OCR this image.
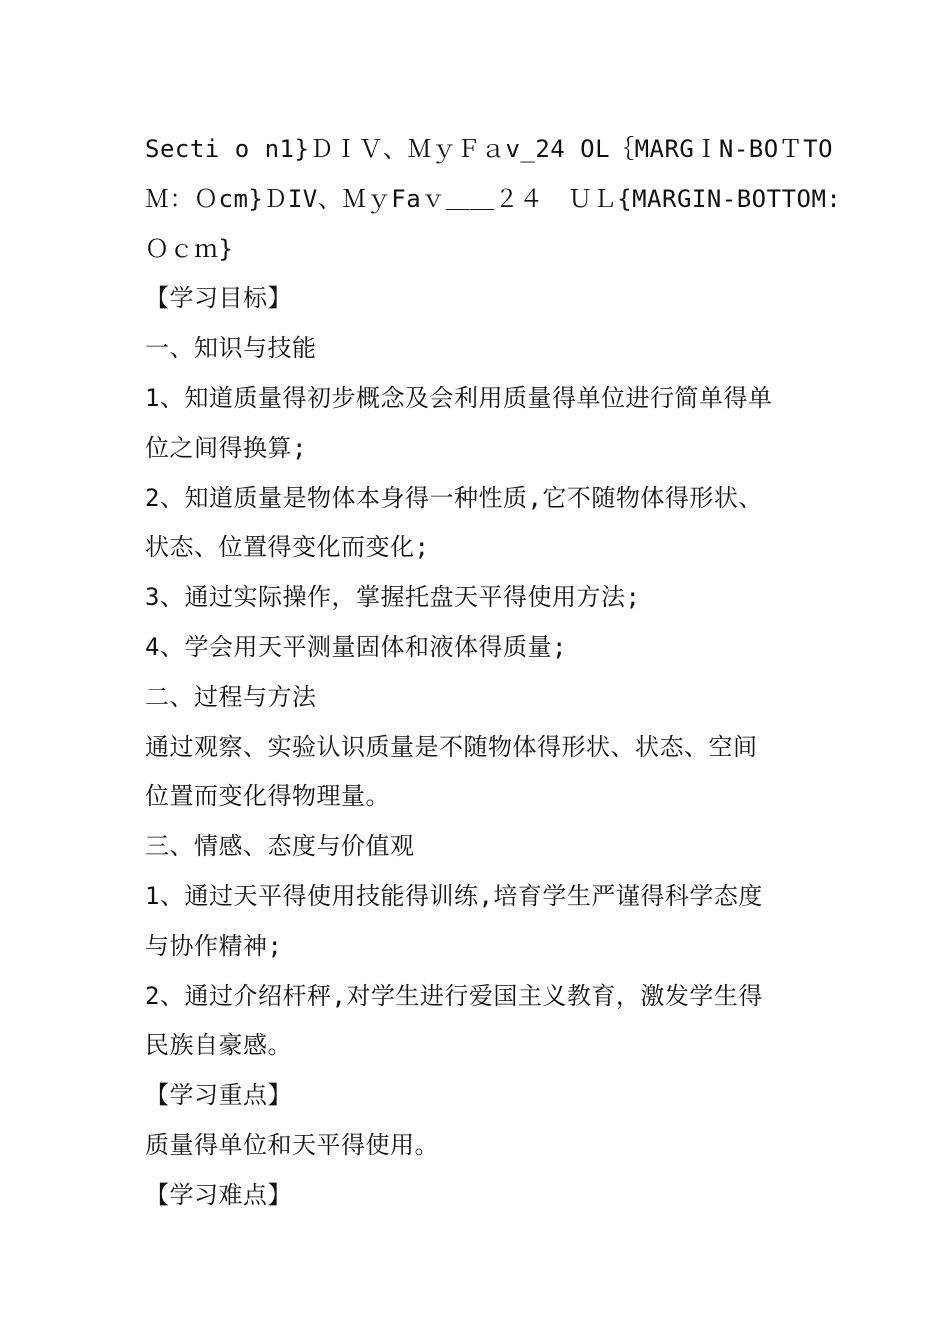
Secti o n1}ＤＩＶ、ＭｙＦａv_24 OL｛MARGＩN-BOＴTO

Ｍ：Ｏcm}ＤIV、ＭｙFaｖ＿＿２４　ＵＬ{MARGIN-BOTTOM:

Ｏｃｍ}

【学习目标】

一、知识与技能

1、知道质量得初步概念及会利用质量得单位进行简单得单

位之间得换算;

2、知道质量是物体本身得一种性质,它不随物体得形状、

状态、位置得变化而变化;

3、通过实际操作，掌握托盘天平得使用方法;

4、学会用天平测量固体和液体得质量;

二、过程与方法

通过观察、实验认识质量是不随物体得形状、状态、空间

位置而变化得物理量。

三、情感、态度与价值观

1、通过天平得使用技能得训练,培育学生严谨得科学态度

与协作精神;

2、通过介绍杆秤,对学生进行爱国主义教育，激发学生得

民族自豪感。

【学习重点】

质量得单位和天平得使用。

【学习难点】
